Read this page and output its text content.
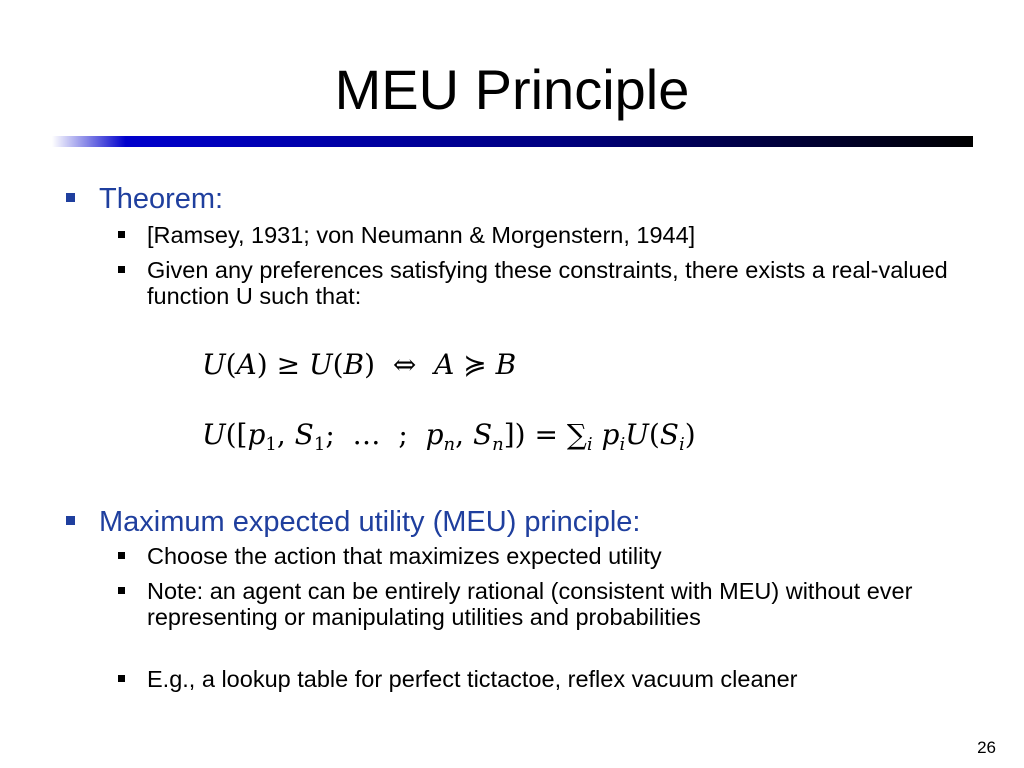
MEU Principle
Theorem:
[Ramsey, 1931; von Neumann & Morgenstern, 1944]
Given any preferences satisfying these constraints, there exists a real-valued function U such that:
U(A) ≥ U(B)  ⇔  A ≽ B
$U([p_1$, $S_1$;  …  ;  $p_n$, $S_n]) = \sum_i$ $p_iU(S_i)$
Maximum expected utility (MEU) principle:
Choose the action that maximizes expected utility
Note: an agent can be entirely rational (consistent with MEU) without ever representing or manipulating utilities and probabilities
E.g., a lookup table for perfect tictactoe, reflex vacuum cleaner
26
